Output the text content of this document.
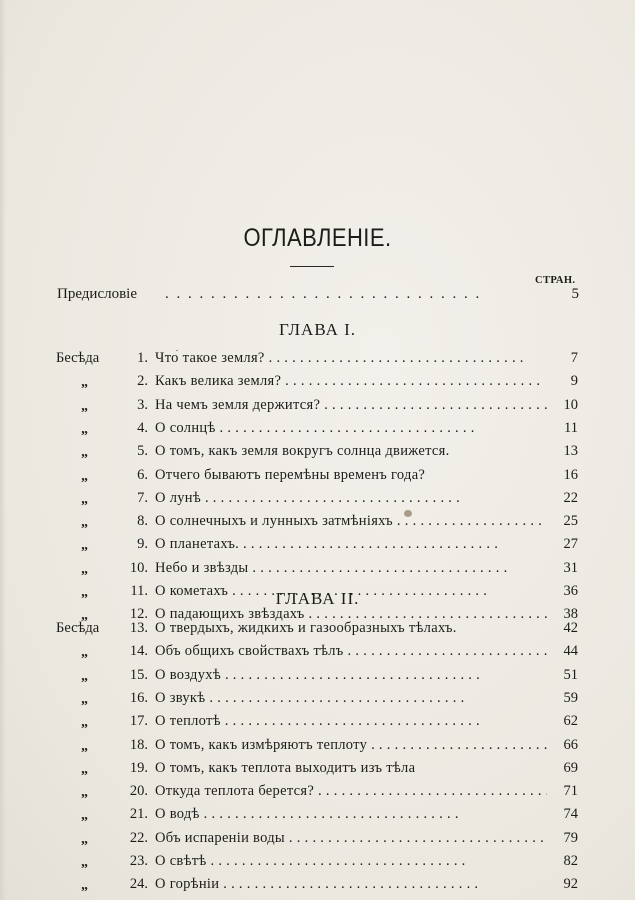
ОГЛАВЛЕНІЕ.
СТРАН.
Предисловіе . .	5
ГЛАВА I.
Бесѣда	1. Что̀ такое земля? . .	7
„	2. Какъ велика земля? . .	9
„	3. На чемъ земля держится? . .	10
„	4. О солнцѣ . .	11
„	5. О томъ, какъ земля вокругъ солнца движется.	13
„	6. Отчего бываютъ перемѣны временъ года?	16
„	7. О лунѣ . .	22
„	8. О солнечныхъ и лунныхъ затмѣніяхъ . .	25
„	9. О планетахъ. . .	27
„	10. Небо и звѣзды . .	31
„	11. О кометахъ . .	36
„	12. О падающихъ звѣздахъ . .	38
ГЛАВА II.
Бесѣда 13. О твердыхъ, жидкихъ и газообразныхъ тѣлахъ.	42
„	14. Объ общихъ свойствахъ тѣлъ . .	44
„	15. О воздухѣ . .	51
„	16. О звукѣ . .	59
„	17. О теплотѣ . .	62
„	18. О томъ, какъ измѣряютъ теплоту . .	66
„	19. О томъ, какъ теплота выходитъ изъ тѣла	69
„	20. Откуда теплота берется? . .	71
„	21. О водѣ . .	74
„	22. Объ испареніи воды . .	79
„	23. О свѣтѣ . .	82
„	24. О горѣніи . .	92
